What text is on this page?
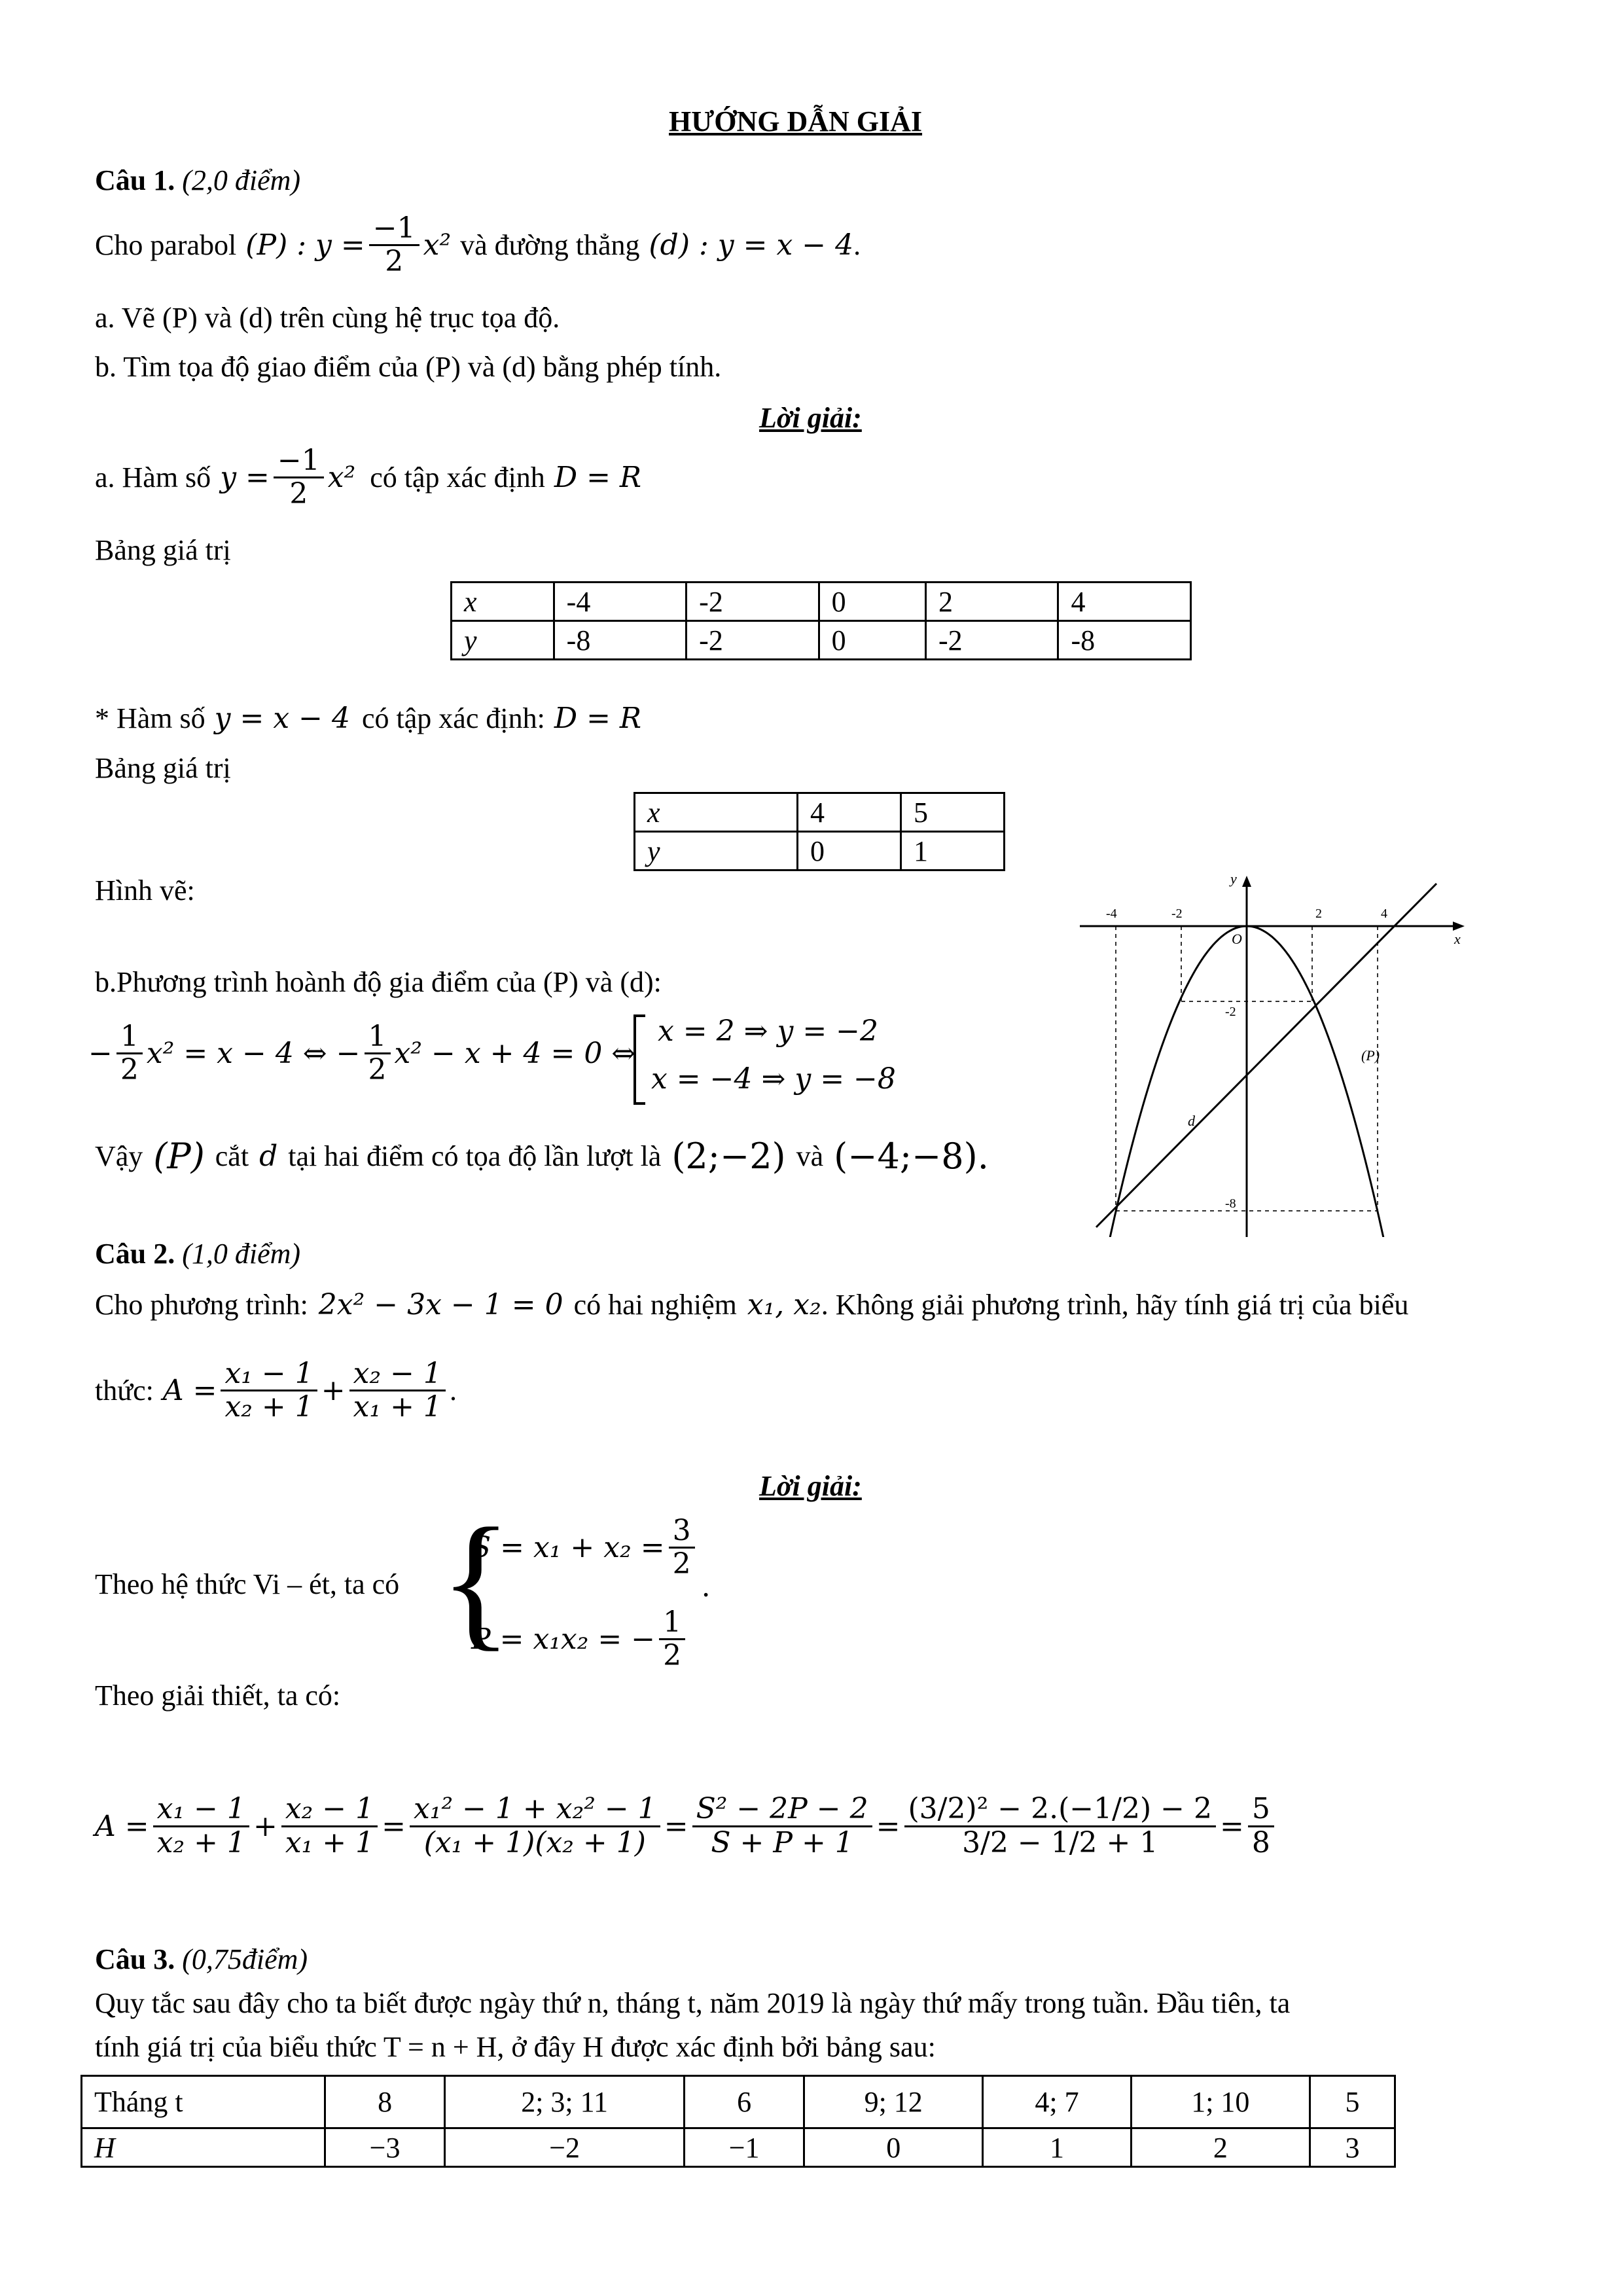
HƯỚNG DẪN GIẢI
Câu 1. (2,0 điểm)
Cho parabol (P) : $y = \frac{-1}{2} x^2$ và đường thẳng (d) : y = x − 4 .
a. Vẽ (P) và (d) trên cùng hệ trục tọa độ.
b. Tìm tọa độ giao điểm của (P) và (d) bằng phép tính.
Lời giải:
a. Hàm số $y = \frac{-1}{2} x^2$ có tập xác định D = R
Bảng giá trị
x	-4	-2	0	2	4
y	-8	-2	0	-2	-8
* Hàm số y = x − 4 có tập xác định: D = R
Bảng giá trị
x	4	5
y	0	1
Hình vẽ:	y
x
O
-4	-2	2	4
-2
-8
(P)
d
b.Phương trình hoành độ gia điểm của (P) và (d):
− $\frac{1}{2} x^2 = x - 4$ ⇔ − $\frac{1}{2} x^2 - x + 4 = 0$ ⇔
x = 2 ⇒ y = −2
x = −4 ⇒ y = −8
Vậy (P) cắt d tại hai điểm có tọa độ lần lượt là (2;−2) và (−4;−8).
Câu 2. (1,0 điểm)
Cho phương trình: 2x² − 3x − 1 = 0 có hai nghiệm x₁, x₂ . Không giải phương trình, hãy tính giá trị của biểu
thức: $A = \frac{\text{x₁ − 1}}{\text{x₂ + 1}} + \frac{\text{x₂ − 1}}{\text{x₁ + 1}}$ .
Lời giải:
Theo hệ thức Vi – ét, ta có {
$S = x_1 + x_2 = \frac{3}{2}$
.
P = x₁x₂ = − $\frac{1}{2}$
Theo giải thiết, ta có:
$A = \frac{\text{x₁ − 1}}{\text{x₂ + 1}} + \frac{\text{x₂ − 1}}{\text{x₁ + 1}} = \frac{\text{x₁² − 1 + x₂² − 1}}{\text{(x₁ + 1)(x₂ + 1)}} = \frac{\text{S² − 2P − 2}}{S + P + 1} = \frac{\text{(3/2)² − 2.(−1/2) − 2}}{3/2 - 1/2 + 1} = \frac{5}{8}$
Câu 3. (0,75điểm)
Quy tắc sau đây cho ta biết được ngày thứ n, tháng t, năm 2019 là ngày thứ mấy trong tuần. Đầu tiên, ta
tính giá trị của biểu thức T = n + H, ở đây H được xác định bởi bảng sau:
Tháng t	8	2; 3; 11	6	9; 12	4; 7	1; 10	5
H	−3	−2	−1	0	1	2	3
